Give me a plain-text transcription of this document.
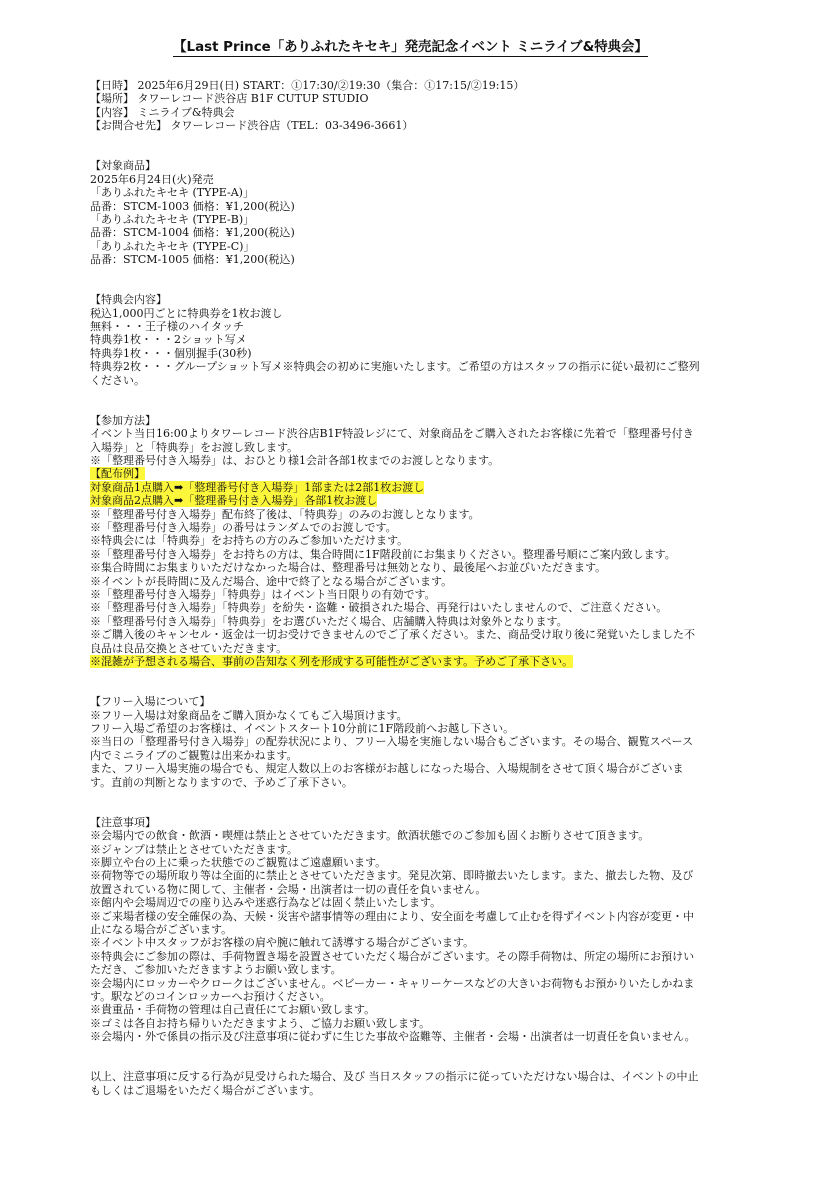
【Last Prince「ありふれたキセキ」発売記念イベント ミニライブ&特典会】
【日時】 2025年6月29日(日) START：①17:30/②19:30（集合：①17:15/②19:15）
【場所】 タワーレコード渋谷店 B1F CUTUP STUDIO
【内容】 ミニライブ&特典会
【お問合せ先】 タワーレコード渋谷店（TEL：03-3496-3661）
【対象商品】
2025年6月24日(火)発売
「ありふれたキセキ (TYPE-A)」
品番：STCM-1003 価格：¥1,200(税込)
「ありふれたキセキ (TYPE-B)」
品番：STCM-1004 価格：¥1,200(税込)
「ありふれたキセキ (TYPE-C)」
品番：STCM-1005 価格：¥1,200(税込)
【特典会内容】
税込1,000円ごとに特典券を1枚お渡し
無料・・・王子様のハイタッチ
特典券1枚・・・2ショット写メ
特典券1枚・・・個別握手(30秒)
特典券2枚・・・グループショット写メ※特典会の初めに実施いたします。ご希望の方はスタッフの指示に従い最初にご整列ください。
【参加方法】
イベント当日16:00よりタワーレコード渋谷店B1F特設レジにて、対象商品をご購入されたお客様に先着で「整理番号付き入場券」と「特典券」をお渡し致します。
※「整理番号付き入場券」は、おひとり様1会計各部1枚までのお渡しとなります。
【配布例】
対象商品1点購入➡「整理番号付き入場券」1部または2部1枚お渡し
対象商品2点購入➡「整理番号付き入場券」各部1枚お渡し
※「整理番号付き入場券」配布終了後は、「特典券」のみのお渡しとなります。
※「整理番号付き入場券」の番号はランダムでのお渡しです。
※特典会には「特典券」をお持ちの方のみご参加いただけます。
※「整理番号付き入場券」をお持ちの方は、集合時間に1F階段前にお集まりください。整理番号順にご案内致します。
※集合時間にお集まりいただけなかった場合は、整理番号は無効となり、最後尾へお並びいただきます。
※イベントが長時間に及んだ場合、途中で終了となる場合がございます。
※「整理番号付き入場券」「特典券」はイベント当日限りの有効です。
※「整理番号付き入場券」「特典券」を紛失・盗難・破損された場合、再発行はいたしませんので、ご注意ください。
※「整理番号付き入場券」「特典券」をお選びいただく場合、店舗購入特典は対象外となります。
※ご購入後のキャンセル・返金は一切お受けできませんのでご了承ください。また、商品受け取り後に発覚いたしました不良品は良品交換とさせていただきます。
※混雑が予想される場合、事前の告知なく列を形成する可能性がございます。予めご了承下さい。
【フリー入場について】
※フリー入場は対象商品をご購入頂かなくてもご入場頂けます。
フリー入場ご希望のお客様は、イベントスタート10分前に1F階段前へお越し下さい。
※当日の「整理番号付き入場券」の配券状況により、フリー入場を実施しない場合もございます。その場合、観覧スペース内でミニライブのご観覧は出来かねます。
また、フリー入場実施の場合でも、規定人数以上のお客様がお越しになった場合、入場規制をさせて頂く場合がございます。直前の判断となりますので、予めご了承下さい。
【注意事項】
※会場内での飲食・飲酒・喫煙は禁止とさせていただきます。飲酒状態でのご参加も固くお断りさせて頂きます。
※ジャンプは禁止とさせていただきます。
※脚立や台の上に乗った状態でのご観覧はご遠慮願います。
※荷物等での場所取り等は全面的に禁止とさせていただきます。発見次第、即時撤去いたします。また、撤去した物、及び放置されている物に関して、主催者・会場・出演者は一切の責任を負いません。
※館内や会場周辺での座り込みや迷惑行為などは固く禁止いたします。
※ご来場者様の安全確保の為、天候・災害や諸事情等の理由により、安全面を考慮して止むを得ずイベント内容が変更・中止になる場合がございます。
※イベント中スタッフがお客様の肩や腕に触れて誘導する場合がございます。
※特典会にご参加の際は、手荷物置き場を設置させていただく場合がございます。その際手荷物は、所定の場所にお預けいただき、ご参加いただきますようお願い致します。
※会場内にロッカーやクロークはございません。ベビーカー・キャリーケースなどの大きいお荷物もお預かりいたしかねます。駅などのコインロッカーへお預けください。
※貴重品・手荷物の管理は自己責任にてお願い致します。
※ゴミは各自お持ち帰りいただきますよう、ご協力お願い致します。
※会場内・外で係員の指示及び注意事項に従わずに生じた事故や盗難等、主催者・会場・出演者は一切責任を負いません。
以上、注意事項に反する行為が見受けられた場合、及び 当日スタッフの指示に従っていただけない場合は、イベントの中止もしくはご退場をいただく場合がございます。
